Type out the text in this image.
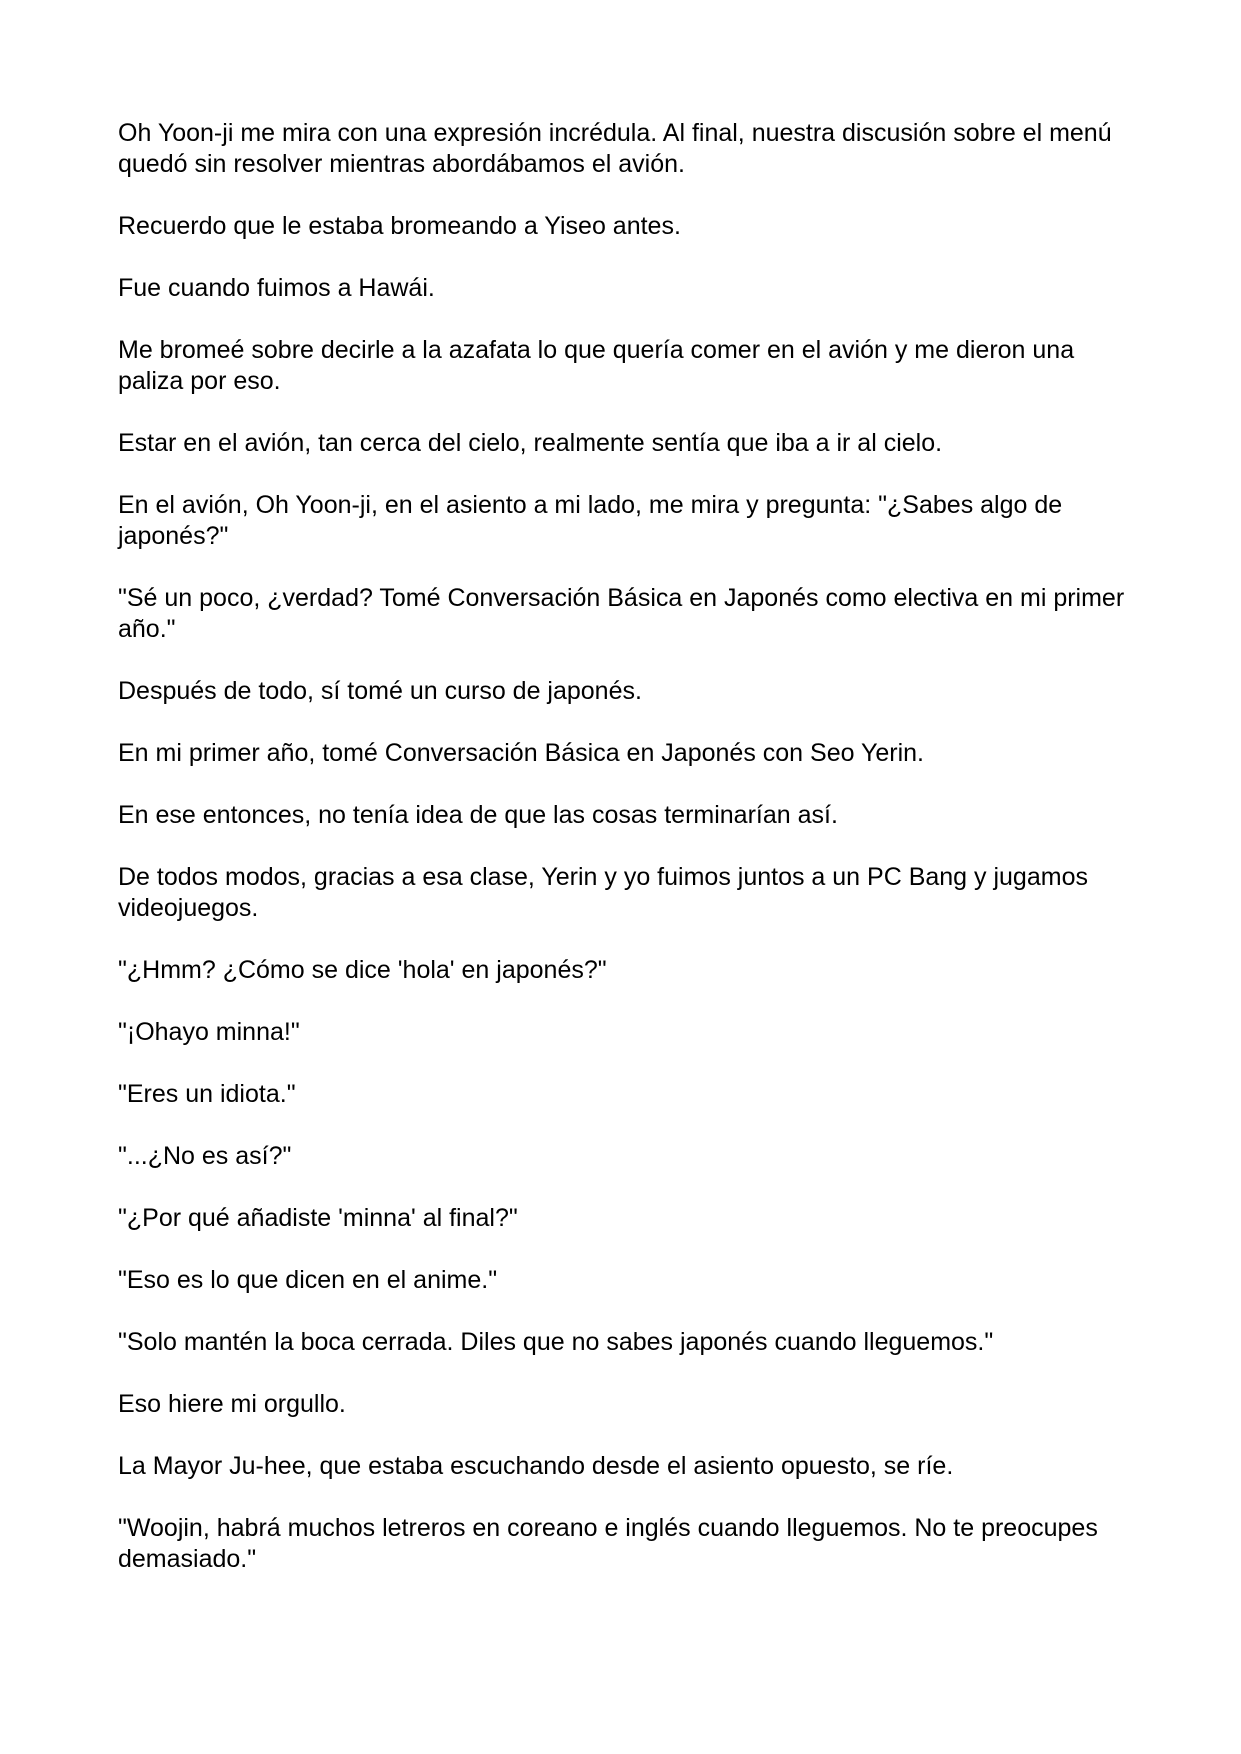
Oh Yoon-ji me mira con una expresión incrédula. Al final, nuestra discusión sobre el menú quedó sin resolver mientras abordábamos el avión.

Recuerdo que le estaba bromeando a Yiseo antes.

Fue cuando fuimos a Hawái.

Me bromeé sobre decirle a la azafata lo que quería comer en el avión y me dieron una paliza por eso.

Estar en el avión, tan cerca del cielo, realmente sentía que iba a ir al cielo.

En el avión, Oh Yoon-ji, en el asiento a mi lado, me mira y pregunta: "¿Sabes algo de japonés?"

"Sé un poco, ¿verdad? Tomé Conversación Básica en Japonés como electiva en mi primer año."

Después de todo, sí tomé un curso de japonés.

En mi primer año, tomé Conversación Básica en Japonés con Seo Yerin.

En ese entonces, no tenía idea de que las cosas terminarían así.

De todos modos, gracias a esa clase, Yerin y yo fuimos juntos a un PC Bang y jugamos videojuegos.

"¿Hmm? ¿Cómo se dice 'hola' en japonés?"

"¡Ohayo minna!"

"Eres un idiota."

"...¿No es así?"

"¿Por qué añadiste 'minna' al final?"

"Eso es lo que dicen en el anime."

"Solo mantén la boca cerrada. Diles que no sabes japonés cuando lleguemos."

Eso hiere mi orgullo.

La Mayor Ju-hee, que estaba escuchando desde el asiento opuesto, se ríe.

"Woojin, habrá muchos letreros en coreano e inglés cuando lleguemos. No te preocupes demasiado."
